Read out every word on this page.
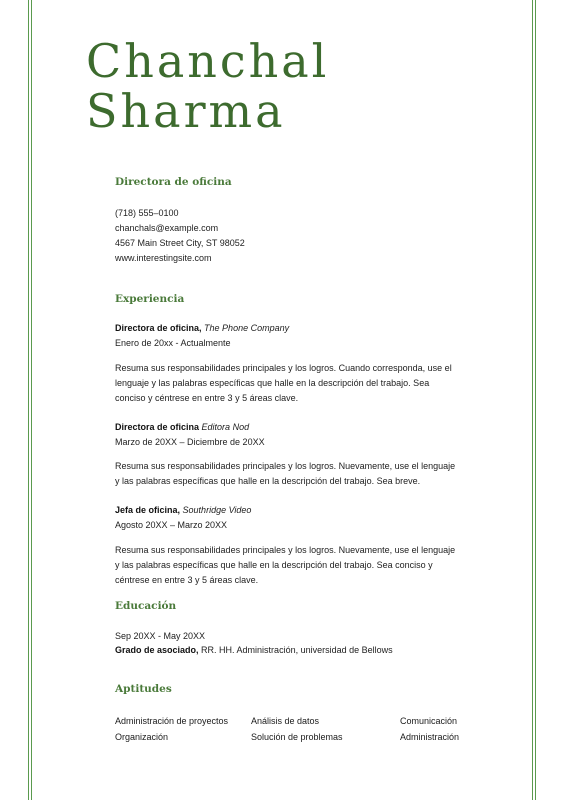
Chanchal
Sharma
Directora de oficina

(718) 555–0100

chanchals@example.com

4567 Main Street City, ST 98052

www.interestingsite.com

Experiencia

Directora de oficina, The Phone Company

Enero de 20xx - Actualmente

Resuma sus responsabilidades principales y los logros. Cuando corresponda, use el lenguaje y las palabras específicas que halle en la descripción del trabajo. Sea conciso y céntrese en entre 3 y 5 áreas clave.

Directora de oficina Editora Nod

Marzo de 20XX – Diciembre de 20XX

Resuma sus responsabilidades principales y los logros. Nuevamente, use el lenguaje y las palabras específicas que halle en la descripción del trabajo. Sea breve.

Jefa de oficina, Southridge Video

Agosto 20XX – Marzo 20XX

Resuma sus responsabilidades principales y los logros. Nuevamente, use el lenguaje y las palabras específicas que halle en la descripción del trabajo. Sea conciso y céntrese en entre 3 y 5 áreas clave.

Educación

Sep 20XX - May 20XX

Grado de asociado, RR. HH. Administración, universidad de Bellows

Aptitudes
Administración de proyectos	Análisis de datos	Comunicación
Organización	Solución de problemas	Administración
